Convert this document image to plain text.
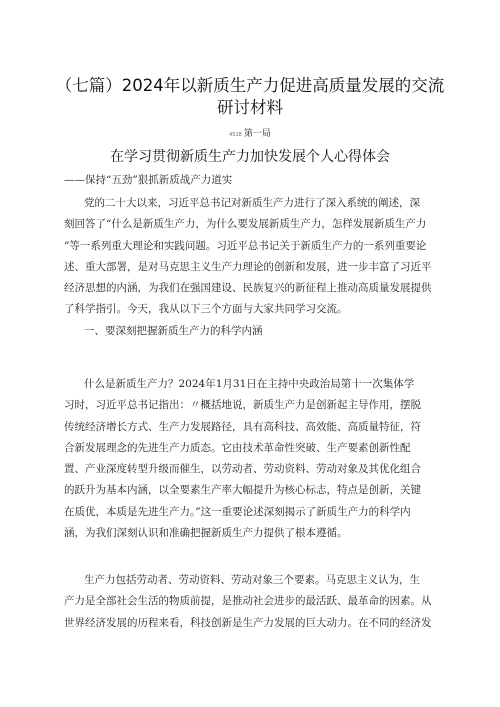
（七篇）2024年以新质生产力促进高质量发展的交流
研讨材料
4518 第一局
在学习贯彻新质生产力加快发展个人心得体会
——保持“五劲”狠抓新质战产力道实
党的二十大以来，习近平总书记对新质生产力进行了深入系统的阐述，深
刻回答了“什么是新质生产力，为什么要发展新质生产力，怎样发展新质生产力
”等一系列重大理论和实践问题。习近平总书记关于新质生产力的一系列重要论
述、重大部署，是对马克思主义生产力理论的创新和发展，进一步丰富了习近平
经济思想的内涵，为我们在强国建设、民族复兴的新征程上推动高质量发展提供
了科学指引。今天，我从以下三个方面与大家共同学习交流。
一、要深刻把握新质生产力的科学内涵
什么是新质生产力？2024年1月31日在主持中央政治局第十一次集体学
习时，习近平总书记指出：〃概括地说，新质生产力是创新起主导作用，摆脱
传统经济增长方式、生产力发展路径，具有高科技、高效能、高质量特征，符
合新发展理念的先进生产力质态。它由技术革命性突破、生产要素创新性配
置、产业深度转型升级而催生，以劳动者、劳动资料、劳动对象及其优化组合
的跃升为基本内涵，以全要素生产率大幅提升为核心标志，特点是创新，关键
在质优，本质是先进生产力。”这一重要论述深刻揭示了新质生产力的科学内
涵，为我们深刻认识和准确把握新质生产力提供了根本遵循。
生产力包括劳动者、劳动资料、劳动对象三个要素。马克思主义认为，生
产力是全部社会生活的物质前提，是推动社会进步的最活跃、最革命的因素。从
世界经济发展的历程来看，科技创新是生产力发展的巨大动力。在不同的经济发
